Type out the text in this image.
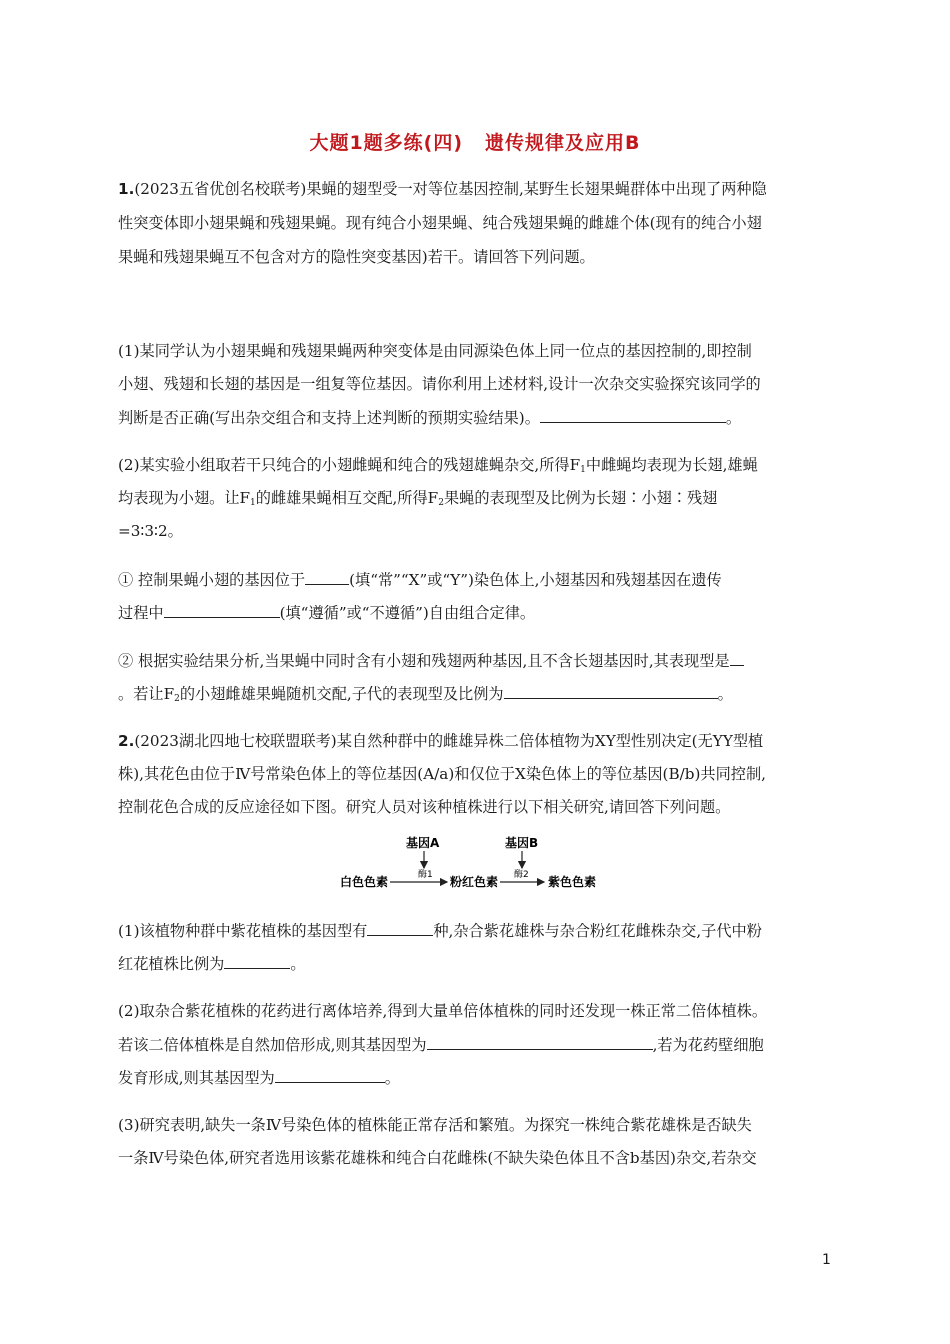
大题1题多练(四) 遗传规律及应用B
1.(2023五省优创名校联考)果蝇的翅型受一对等位基因控制,某野生长翅果蝇群体中出现了两种隐
性突变体即小翅果蝇和残翅果蝇。现有纯合小翅果蝇、纯合残翅果蝇的雌雄个体(现有的纯合小翅
果蝇和残翅果蝇互不包含对方的隐性突变基因)若干。请回答下列问题。
(1)某同学认为小翅果蝇和残翅果蝇两种突变体是由同源染色体上同一位点的基因控制的,即控制
小翅、残翅和长翅的基因是一组复等位基因。请你利用上述材料,设计一次杂交实验探究该同学的
判断是否正确(写出杂交组合和支持上述判断的预期实验结果)。	。
(2)某实验小组取若干只纯合的小翅雌蝇和纯合的残翅雄蝇杂交,所得$F_1$中雌蝇均表现为长翅,雄蝇
均表现为小翅。让$F_1$的雌雄果蝇相互交配,所得$F_2$果蝇的表现型及比例为长翅∶小翅∶残翅
=3∶3∶2。
① 控制果蝇小翅的基因位于	(填“常”“X”或“Y”)染色体上,小翅基因和残翅基因在遗传
过程中	(填“遵循”或“不遵循”)自由组合定律。
② 根据实验结果分析,当果蝇中同时含有小翅和残翅两种基因,且不含长翅基因时,其表现型是
。若让$F_2$的小翅雌雄果蝇随机交配,子代的表现型及比例为	。
2.(2023湖北四地七校联盟联考)某自然种群中的雌雄异株二倍体植物为XY型性别决定(无YY型植
株),其花色由位于Ⅳ号常染色体上的等位基因(A/a)和仅位于X染色体上的等位基因(B/b)共同控制,
控制花色合成的反应途径如下图。研究人员对该种植株进行以下相关研究,请回答下列问题。
基因A	基因B
白色色素	酶1 粉红色素 酶2 紫色色素
(1)该植物种群中紫花植株的基因型有	种,杂合紫花雄株与杂合粉红花雌株杂交,子代中粉
红花植株比例为	。
(2)取杂合紫花植株的花药进行离体培养,得到大量单倍体植株的同时还发现一株正常二倍体植株。
若该二倍体植株是自然加倍形成,则其基因型为	,若为花药壁细胞
发育形成,则其基因型为	。
(3)研究表明,缺失一条Ⅳ号染色体的植株能正常存活和繁殖。为探究一株纯合紫花雄株是否缺失
一条Ⅳ号染色体,研究者选用该紫花雄株和纯合白花雌株(不缺失染色体且不含b基因)杂交,若杂交
1
